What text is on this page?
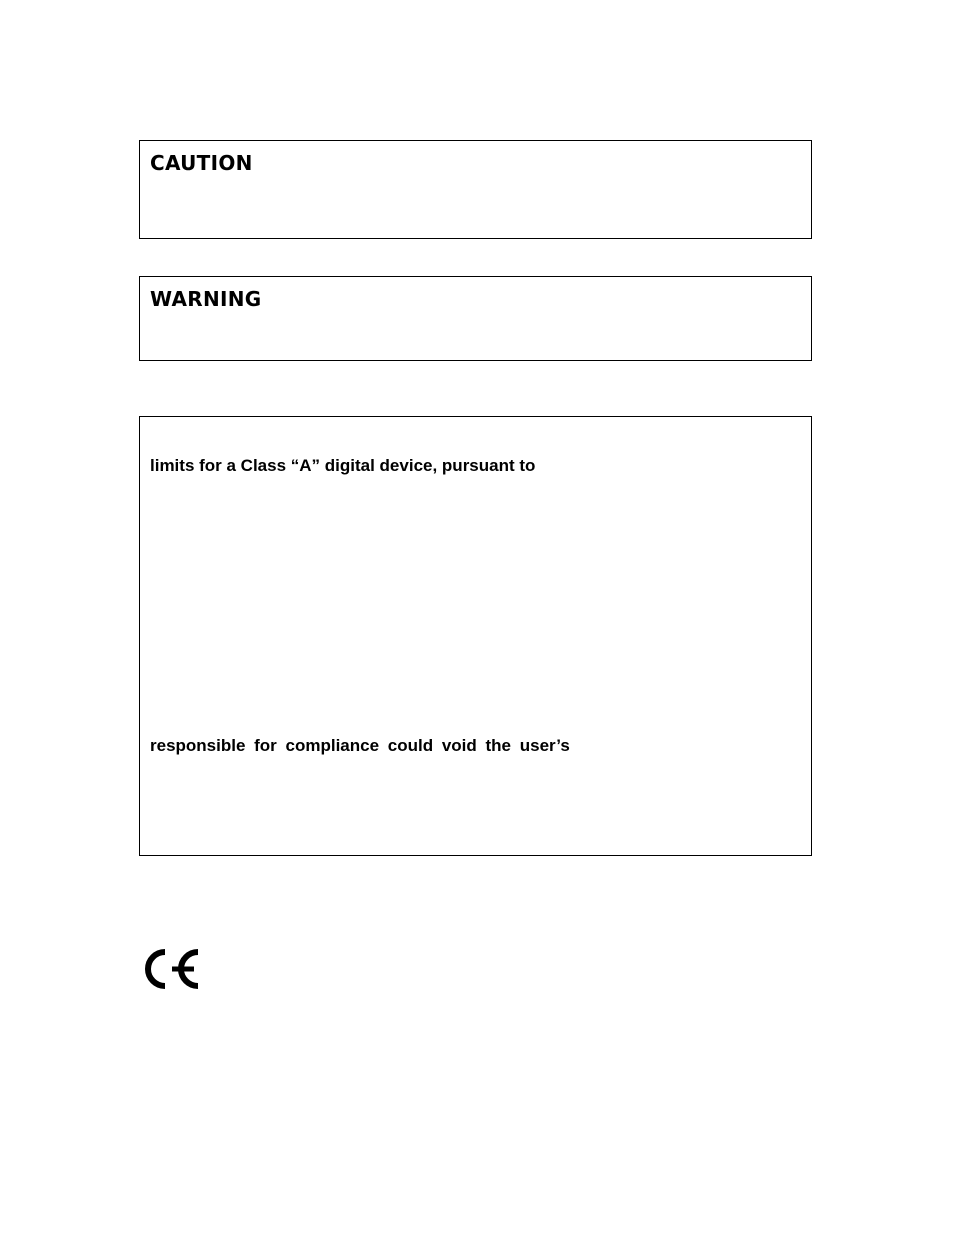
CAUTION
WARNING
limits for a Class “A” digital device, pursuant to
responsible for compliance could void the user’s
